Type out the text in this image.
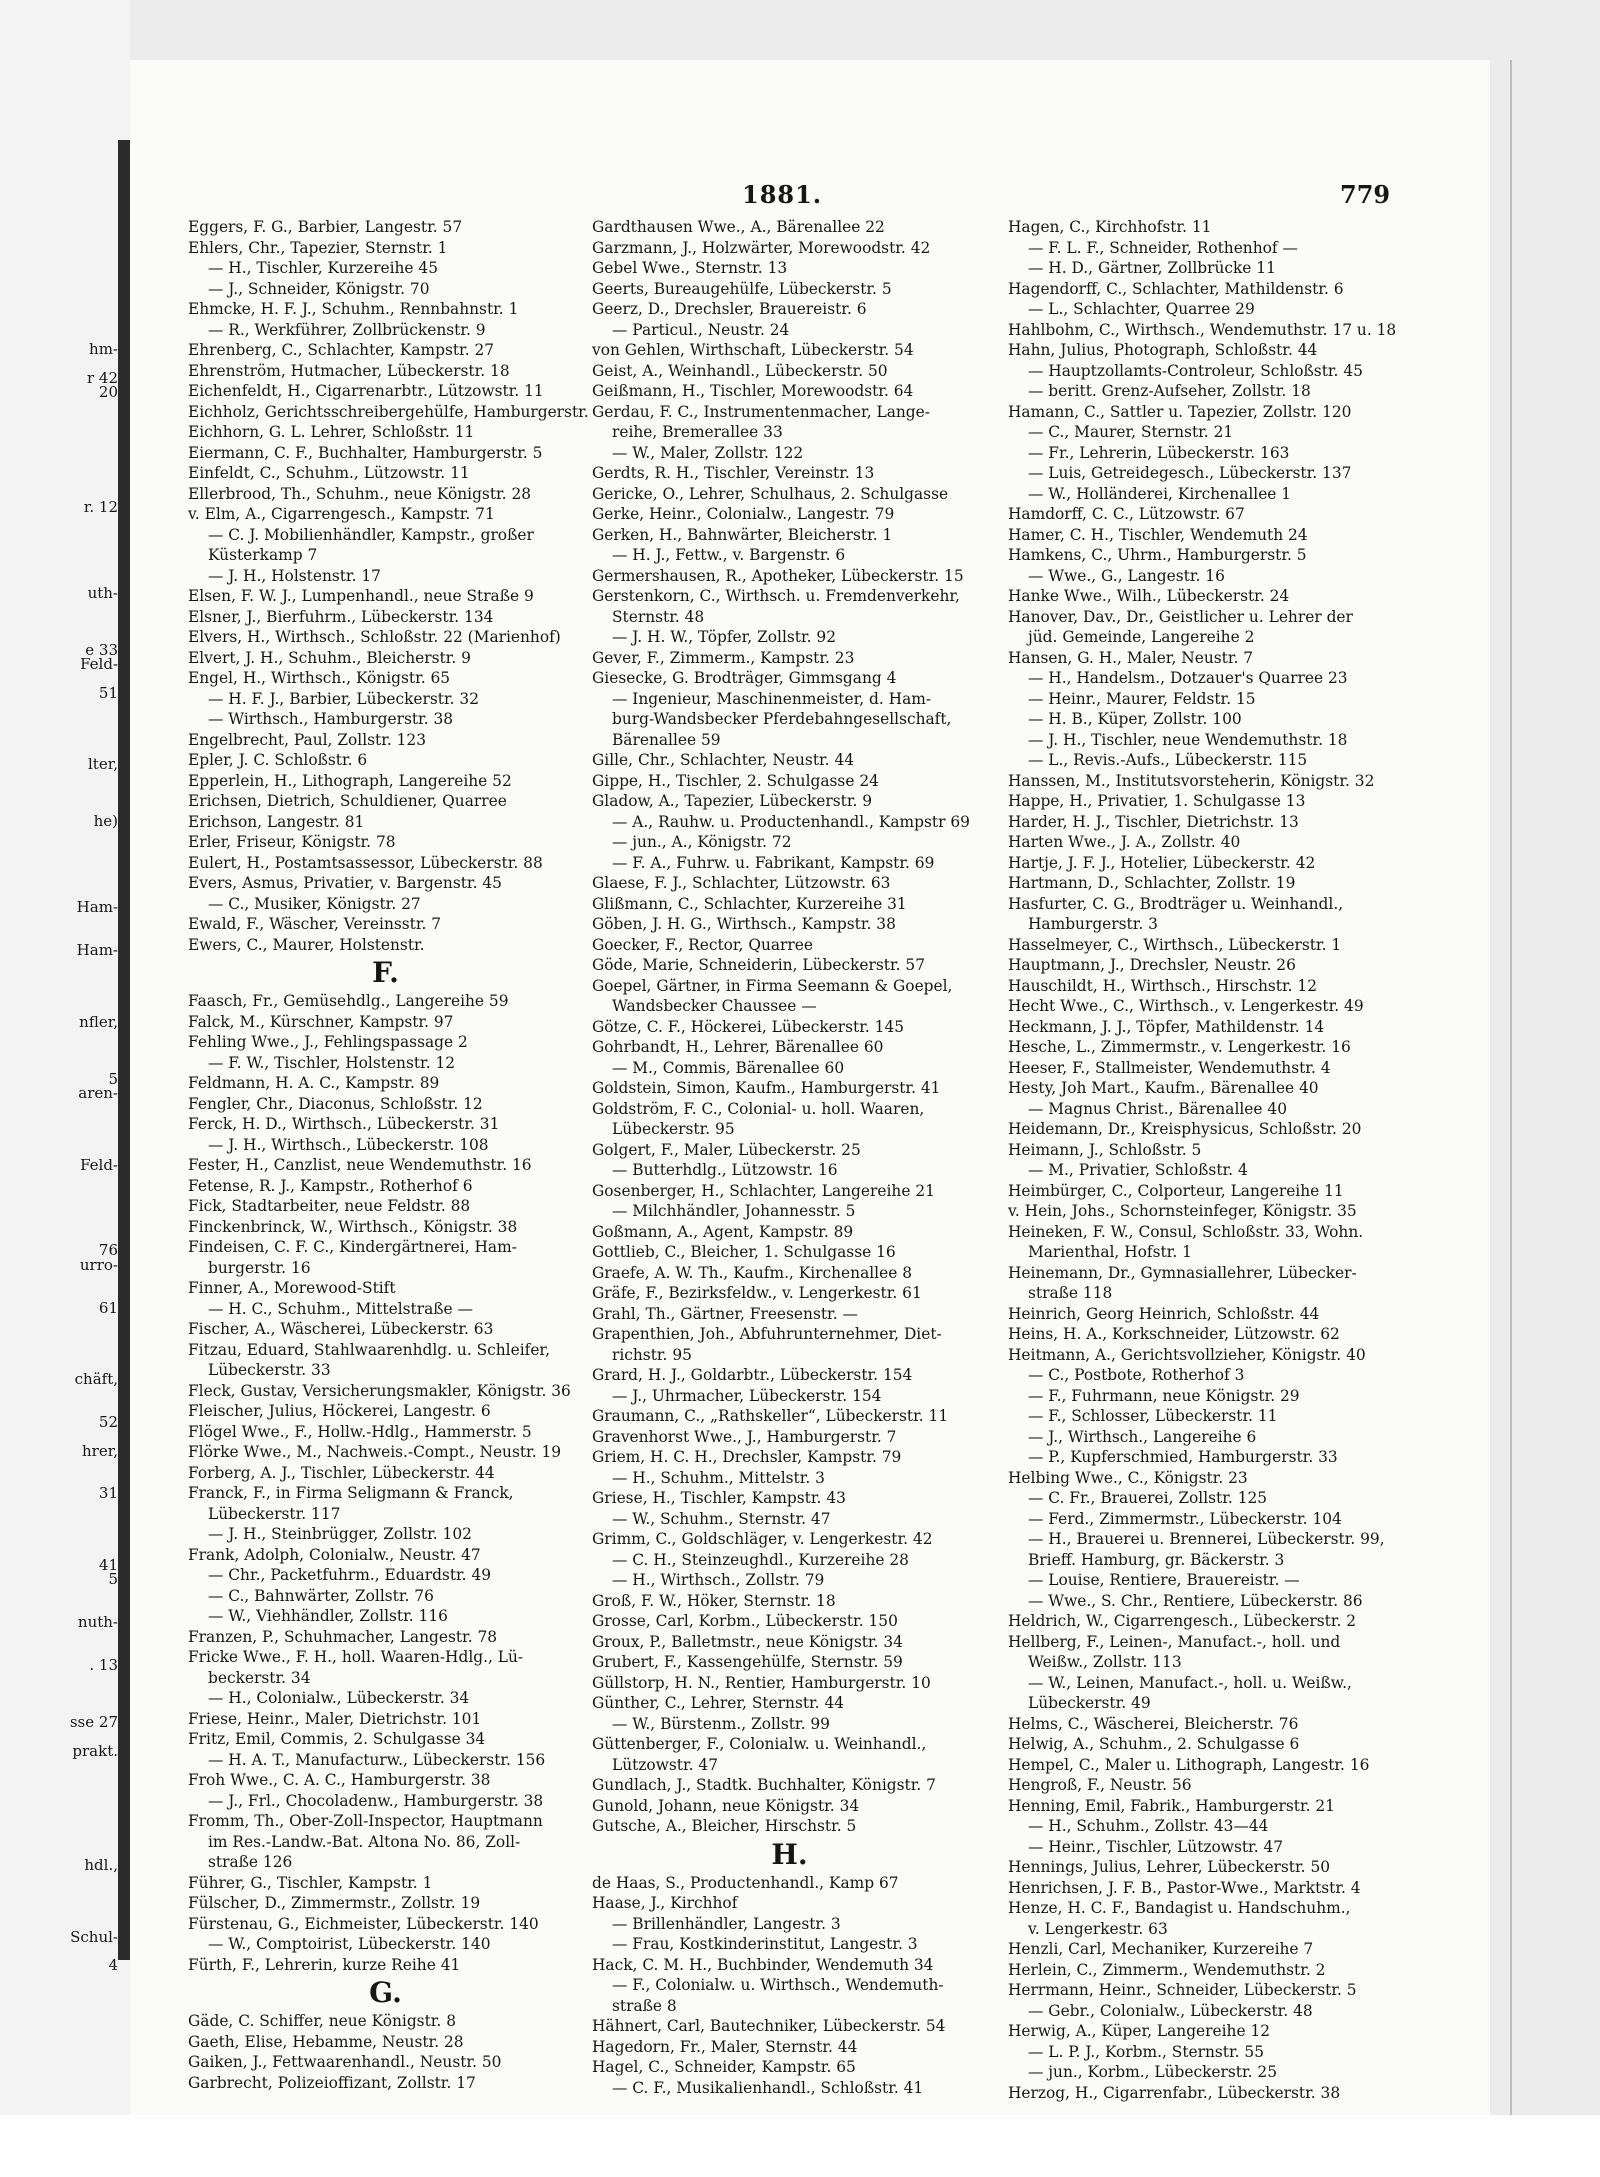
hm-
r 42
20
r. 12
uth-
e 33
Feld-
51
lter,
he)
Ham-
Ham-
nfler,
5
aren-
Feld-
76
urro-
61
chäft,
52
hrer,
31
41
5
nuth-
. 13
sse 27
prakt.
hdl.,
Schul-
4
1881.	779
Eggers, F. G., Barbier, Langestr. 57
Ehlers, Chr., Tapezier, Sternstr. 1
— H., Tischler, Kurzereihe 45
— J., Schneider, Königstr. 70
Ehmcke, H. F. J., Schuhm., Rennbahnstr. 1
— R., Werkführer, Zollbrückenstr. 9
Ehrenberg, C., Schlachter, Kampstr. 27
Ehrenström, Hutmacher, Lübeckerstr. 18
Eichenfeldt, H., Cigarrenarbtr., Lützowstr. 11
Eichholz, Gerichtsschreibergehülfe, Hamburgerstr.
Eichhorn, G. L. Lehrer, Schloßstr. 11
Eiermann, C. F., Buchhalter, Hamburgerstr. 5
Einfeldt, C., Schuhm., Lützowstr. 11
Ellerbrood, Th., Schuhm., neue Königstr. 28
v. Elm, A., Cigarrengesch., Kampstr. 71
— C. J. Mobilienhändler, Kampstr., großer
Küsterkamp 7
— J. H., Holstenstr. 17
Elsen, F. W. J., Lumpenhandl., neue Straße 9
Elsner, J., Bierfuhrm., Lübeckerstr. 134
Elvers, H., Wirthsch., Schloßstr. 22 (Marienhof)
Elvert, J. H., Schuhm., Bleicherstr. 9
Engel, H., Wirthsch., Königstr. 65
— H. F. J., Barbier, Lübeckerstr. 32
— Wirthsch., Hamburgerstr. 38
Engelbrecht, Paul, Zollstr. 123
Epler, J. C. Schloßstr. 6
Epperlein, H., Lithograph, Langereihe 52
Erichsen, Dietrich, Schuldiener, Quarree
Erichson, Langestr. 81
Erler, Friseur, Königstr. 78
Eulert, H., Postamtsassessor, Lübeckerstr. 88
Evers, Asmus, Privatier, v. Bargenstr. 45
— C., Musiker, Königstr. 27
Ewald, F., Wäscher, Vereinsstr. 7
Ewers, C., Maurer, Holstenstr.
F.
Faasch, Fr., Gemüsehdlg., Langereihe 59
Falck, M., Kürschner, Kampstr. 97
Fehling Wwe., J., Fehlingspassage 2
— F. W., Tischler, Holstenstr. 12
Feldmann, H. A. C., Kampstr. 89
Fengler, Chr., Diaconus, Schloßstr. 12
Ferck, H. D., Wirthsch., Lübeckerstr. 31
— J. H., Wirthsch., Lübeckerstr. 108
Fester, H., Canzlist, neue Wendemuthstr. 16
Fetense, R. J., Kampstr., Rotherhof 6
Fick, Stadtarbeiter, neue Feldstr. 88
Finckenbrinck, W., Wirthsch., Königstr. 38
Findeisen, C. F. C., Kindergärtnerei, Ham-
burgerstr. 16
Finner, A., Morewood-Stift
— H. C., Schuhm., Mittelstraße —
Fischer, A., Wäscherei, Lübeckerstr. 63
Fitzau, Eduard, Stahlwaarenhdlg. u. Schleifer,
Lübeckerstr. 33
Fleck, Gustav, Versicherungsmakler, Königstr. 36
Fleischer, Julius, Höckerei, Langestr. 6
Flögel Wwe., F., Hollw.-Hdlg., Hammerstr. 5
Flörke Wwe., M., Nachweis.-Compt., Neustr. 19
Forberg, A. J., Tischler, Lübeckerstr. 44
Franck, F., in Firma Seligmann & Franck,
Lübeckerstr. 117
— J. H., Steinbrügger, Zollstr. 102
Frank, Adolph, Colonialw., Neustr. 47
— Chr., Packetfuhrm., Eduardstr. 49
— C., Bahnwärter, Zollstr. 76
— W., Viehhändler, Zollstr. 116
Franzen, P., Schuhmacher, Langestr. 78
Fricke Wwe., F. H., holl. Waaren-Hdlg., Lü-
beckerstr. 34
— H., Colonialw., Lübeckerstr. 34
Friese, Heinr., Maler, Dietrichstr. 101
Fritz, Emil, Commis, 2. Schulgasse 34
— H. A. T., Manufacturw., Lübeckerstr. 156
Froh Wwe., C. A. C., Hamburgerstr. 38
— J., Frl., Chocoladenw., Hamburgerstr. 38
Fromm, Th., Ober-Zoll-Inspector, Hauptmann
im Res.-Landw.-Bat. Altona No. 86, Zoll-
straße 126
Führer, G., Tischler, Kampstr. 1
Fülscher, D., Zimmermstr., Zollstr. 19
Fürstenau, G., Eichmeister, Lübeckerstr. 140
— W., Comptoirist, Lübeckerstr. 140
Fürth, F., Lehrerin, kurze Reihe 41
G.
Gäde, C. Schiffer, neue Königstr. 8
Gaeth, Elise, Hebamme, Neustr. 28
Gaiken, J., Fettwaarenhandl., Neustr. 50
Garbrecht, Polizeioffizant, Zollstr. 17
Gardthausen Wwe., A., Bärenallee 22
Garzmann, J., Holzwärter, Morewoodstr. 42
Gebel Wwe., Sternstr. 13
Geerts, Bureaugehülfe, Lübeckerstr. 5
Geerz, D., Drechsler, Brauereistr. 6
— Particul., Neustr. 24
von Gehlen, Wirthschaft, Lübeckerstr. 54
Geist, A., Weinhandl., Lübeckerstr. 50
Geißmann, H., Tischler, Morewoodstr. 64
Gerdau, F. C., Instrumentenmacher, Lange-
reihe, Bremerallee 33
— W., Maler, Zollstr. 122
Gerdts, R. H., Tischler, Vereinstr. 13
Gericke, O., Lehrer, Schulhaus, 2. Schulgasse
Gerke, Heinr., Colonialw., Langestr. 79
Gerken, H., Bahnwärter, Bleicherstr. 1
— H. J., Fettw., v. Bargenstr. 6
Germershausen, R., Apotheker, Lübeckerstr. 15
Gerstenkorn, C., Wirthsch. u. Fremdenverkehr,
Sternstr. 48
— J. H. W., Töpfer, Zollstr. 92
Gever, F., Zimmerm., Kampstr. 23
Giesecke, G. Brodträger, Gimmsgang 4
— Ingenieur, Maschinenmeister, d. Ham-
burg-Wandsbecker Pferdebahngesellschaft,
Bärenallee 59
Gille, Chr., Schlachter, Neustr. 44
Gippe, H., Tischler, 2. Schulgasse 24
Gladow, A., Tapezier, Lübeckerstr. 9
— A., Rauhw. u. Productenhandl., Kampstr 69
— jun., A., Königstr. 72
— F. A., Fuhrw. u. Fabrikant, Kampstr. 69
Glaese, F. J., Schlachter, Lützowstr. 63
Glißmann, C., Schlachter, Kurzereihe 31
Göben, J. H. G., Wirthsch., Kampstr. 38
Goecker, F., Rector, Quarree
Göde, Marie, Schneiderin, Lübeckerstr. 57
Goepel, Gärtner, in Firma Seemann & Goepel,
Wandsbecker Chaussee —
Götze, C. F., Höckerei, Lübeckerstr. 145
Gohrbandt, H., Lehrer, Bärenallee 60
— M., Commis, Bärenallee 60
Goldstein, Simon, Kaufm., Hamburgerstr. 41
Goldström, F. C., Colonial- u. holl. Waaren,
Lübeckerstr. 95
Golgert, F., Maler, Lübeckerstr. 25
— Butterhdlg., Lützowstr. 16
Gosenberger, H., Schlachter, Langereihe 21
— Milchhändler, Johannesstr. 5
Goßmann, A., Agent, Kampstr. 89
Gottlieb, C., Bleicher, 1. Schulgasse 16
Graefe, A. W. Th., Kaufm., Kirchenallee 8
Gräfe, F., Bezirksfeldw., v. Lengerkestr. 61
Grahl, Th., Gärtner, Freesenstr. —
Grapenthien, Joh., Abfuhrunternehmer, Diet-
richstr. 95
Grard, H. J., Goldarbtr., Lübeckerstr. 154
— J., Uhrmacher, Lübeckerstr. 154
Graumann, C., „Rathskeller“, Lübeckerstr. 11
Gravenhorst Wwe., J., Hamburgerstr. 7
Griem, H. C. H., Drechsler, Kampstr. 79
— H., Schuhm., Mittelstr. 3
Griese, H., Tischler, Kampstr. 43
— W., Schuhm., Sternstr. 47
Grimm, C., Goldschläger, v. Lengerkestr. 42
— C. H., Steinzeughdl., Kurzereihe 28
— H., Wirthsch., Zollstr. 79
Groß, F. W., Höker, Sternstr. 18
Grosse, Carl, Korbm., Lübeckerstr. 150
Groux, P., Balletmstr., neue Königstr. 34
Grubert, F., Kassengehülfe, Sternstr. 59
Güllstorp, H. N., Rentier, Hamburgerstr. 10
Günther, C., Lehrer, Sternstr. 44
— W., Bürstenm., Zollstr. 99
Güttenberger, F., Colonialw. u. Weinhandl.,
Lützowstr. 47
Gundlach, J., Stadtk. Buchhalter, Königstr. 7
Gunold, Johann, neue Königstr. 34
Gutsche, A., Bleicher, Hirschstr. 5
H.
de Haas, S., Productenhandl., Kamp 67
Haase, J., Kirchhof
— Brillenhändler, Langestr. 3
— Frau, Kostkinderinstitut, Langestr. 3
Hack, C. M. H., Buchbinder, Wendemuth 34
— F., Colonialw. u. Wirthsch., Wendemuth-
straße 8
Hähnert, Carl, Bautechniker, Lübeckerstr. 54
Hagedorn, Fr., Maler, Sternstr. 44
Hagel, C., Schneider, Kampstr. 65
— C. F., Musikalienhandl., Schloßstr. 41
Hagen, C., Kirchhofstr. 11
— F. L. F., Schneider, Rothenhof —
— H. D., Gärtner, Zollbrücke 11
Hagendorff, C., Schlachter, Mathildenstr. 6
— L., Schlachter, Quarree 29
Hahlbohm, C., Wirthsch., Wendemuthstr. 17 u. 18
Hahn, Julius, Photograph, Schloßstr. 44
— Hauptzollamts-Controleur, Schloßstr. 45
— beritt. Grenz-Aufseher, Zollstr. 18
Hamann, C., Sattler u. Tapezier, Zollstr. 120
— C., Maurer, Sternstr. 21
— Fr., Lehrerin, Lübeckerstr. 163
— Luis, Getreidegesch., Lübeckerstr. 137
— W., Holländerei, Kirchenallee 1
Hamdorff, C. C., Lützowstr. 67
Hamer, C. H., Tischler, Wendemuth 24
Hamkens, C., Uhrm., Hamburgerstr. 5
— Wwe., G., Langestr. 16
Hanke Wwe., Wilh., Lübeckerstr. 24
Hanover, Dav., Dr., Geistlicher u. Lehrer der
jüd. Gemeinde, Langereihe 2
Hansen, G. H., Maler, Neustr. 7
— H., Handelsm., Dotzauer's Quarree 23
— Heinr., Maurer, Feldstr. 15
— H. B., Küper, Zollstr. 100
— J. H., Tischler, neue Wendemuthstr. 18
— L., Revis.-Aufs., Lübeckerstr. 115
Hanssen, M., Institutsvorsteherin, Königstr. 32
Happe, H., Privatier, 1. Schulgasse 13
Harder, H. J., Tischler, Dietrichstr. 13
Harten Wwe., J. A., Zollstr. 40
Hartje, J. F. J., Hotelier, Lübeckerstr. 42
Hartmann, D., Schlachter, Zollstr. 19
Hasfurter, C. G., Brodträger u. Weinhandl.,
Hamburgerstr. 3
Hasselmeyer, C., Wirthsch., Lübeckerstr. 1
Hauptmann, J., Drechsler, Neustr. 26
Hauschildt, H., Wirthsch., Hirschstr. 12
Hecht Wwe., C., Wirthsch., v. Lengerkestr. 49
Heckmann, J. J., Töpfer, Mathildenstr. 14
Hesche, L., Zimmermstr., v. Lengerkestr. 16
Heeser, F., Stallmeister, Wendemuthstr. 4
Hesty, Joh Mart., Kaufm., Bärenallee 40
— Magnus Christ., Bärenallee 40
Heidemann, Dr., Kreisphysicus, Schloßstr. 20
Heimann, J., Schloßstr. 5
— M., Privatier, Schloßstr. 4
Heimbürger, C., Colporteur, Langereihe 11
v. Hein, Johs., Schornsteinfeger, Königstr. 35
Heineken, F. W., Consul, Schloßstr. 33, Wohn.
Marienthal, Hofstr. 1
Heinemann, Dr., Gymnasiallehrer, Lübecker-
straße 118
Heinrich, Georg Heinrich, Schloßstr. 44
Heins, H. A., Korkschneider, Lützowstr. 62
Heitmann, A., Gerichtsvollzieher, Königstr. 40
— C., Postbote, Rotherhof 3
— F., Fuhrmann, neue Königstr. 29
— F., Schlosser, Lübeckerstr. 11
— J., Wirthsch., Langereihe 6
— P., Kupferschmied, Hamburgerstr. 33
Helbing Wwe., C., Königstr. 23
— C. Fr., Brauerei, Zollstr. 125
— Ferd., Zimmermstr., Lübeckerstr. 104
— H., Brauerei u. Brennerei, Lübeckerstr. 99,
Brieff. Hamburg, gr. Bäckerstr. 3
— Louise, Rentiere, Brauereistr. —
— Wwe., S. Chr., Rentiere, Lübeckerstr. 86
Heldrich, W., Cigarrengesch., Lübeckerstr. 2
Hellberg, F., Leinen-, Manufact.-, holl. und
Weißw., Zollstr. 113
— W., Leinen, Manufact.-, holl. u. Weißw.,
Lübeckerstr. 49
Helms, C., Wäscherei, Bleicherstr. 76
Helwig, A., Schuhm., 2. Schulgasse 6
Hempel, C., Maler u. Lithograph, Langestr. 16
Hengroß, F., Neustr. 56
Henning, Emil, Fabrik., Hamburgerstr. 21
— H., Schuhm., Zollstr. 43—44
— Heinr., Tischler, Lützowstr. 47
Hennings, Julius, Lehrer, Lübeckerstr. 50
Henrichsen, J. F. B., Pastor-Wwe., Marktstr. 4
Henze, H. C. F., Bandagist u. Handschuhm.,
v. Lengerkestr. 63
Henzli, Carl, Mechaniker, Kurzereihe 7
Herlein, C., Zimmerm., Wendemuthstr. 2
Herrmann, Heinr., Schneider, Lübeckerstr. 5
— Gebr., Colonialw., Lübeckerstr. 48
Herwig, A., Küper, Langereihe 12
— L. P. J., Korbm., Sternstr. 55
— jun., Korbm., Lübeckerstr. 25
Herzog, H., Cigarrenfabr., Lübeckerstr. 38
